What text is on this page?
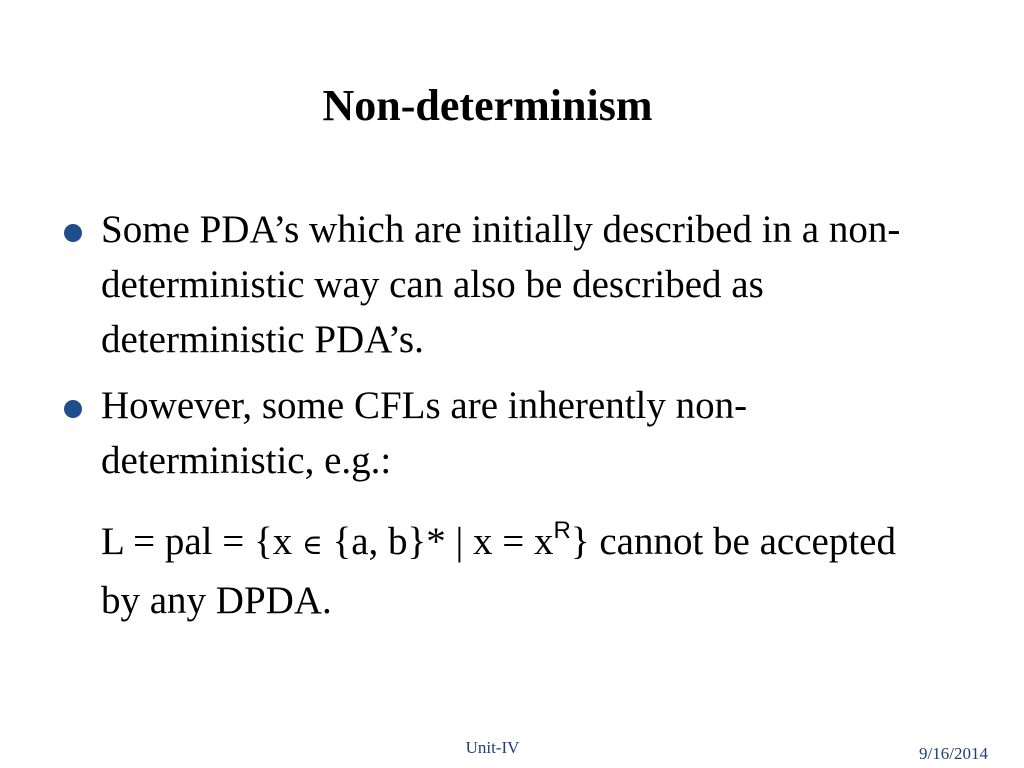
Non-determinism
Some PDA’s which are initially described in a non-deterministic way can also be described as deterministic PDA’s.
However, some CFLs are inherently non-deterministic, e.g.:
L = pal = {x ∈ {a, b}* | $x = x^R$} cannot be accepted by any DPDA.
Unit-IV	9/16/2014
